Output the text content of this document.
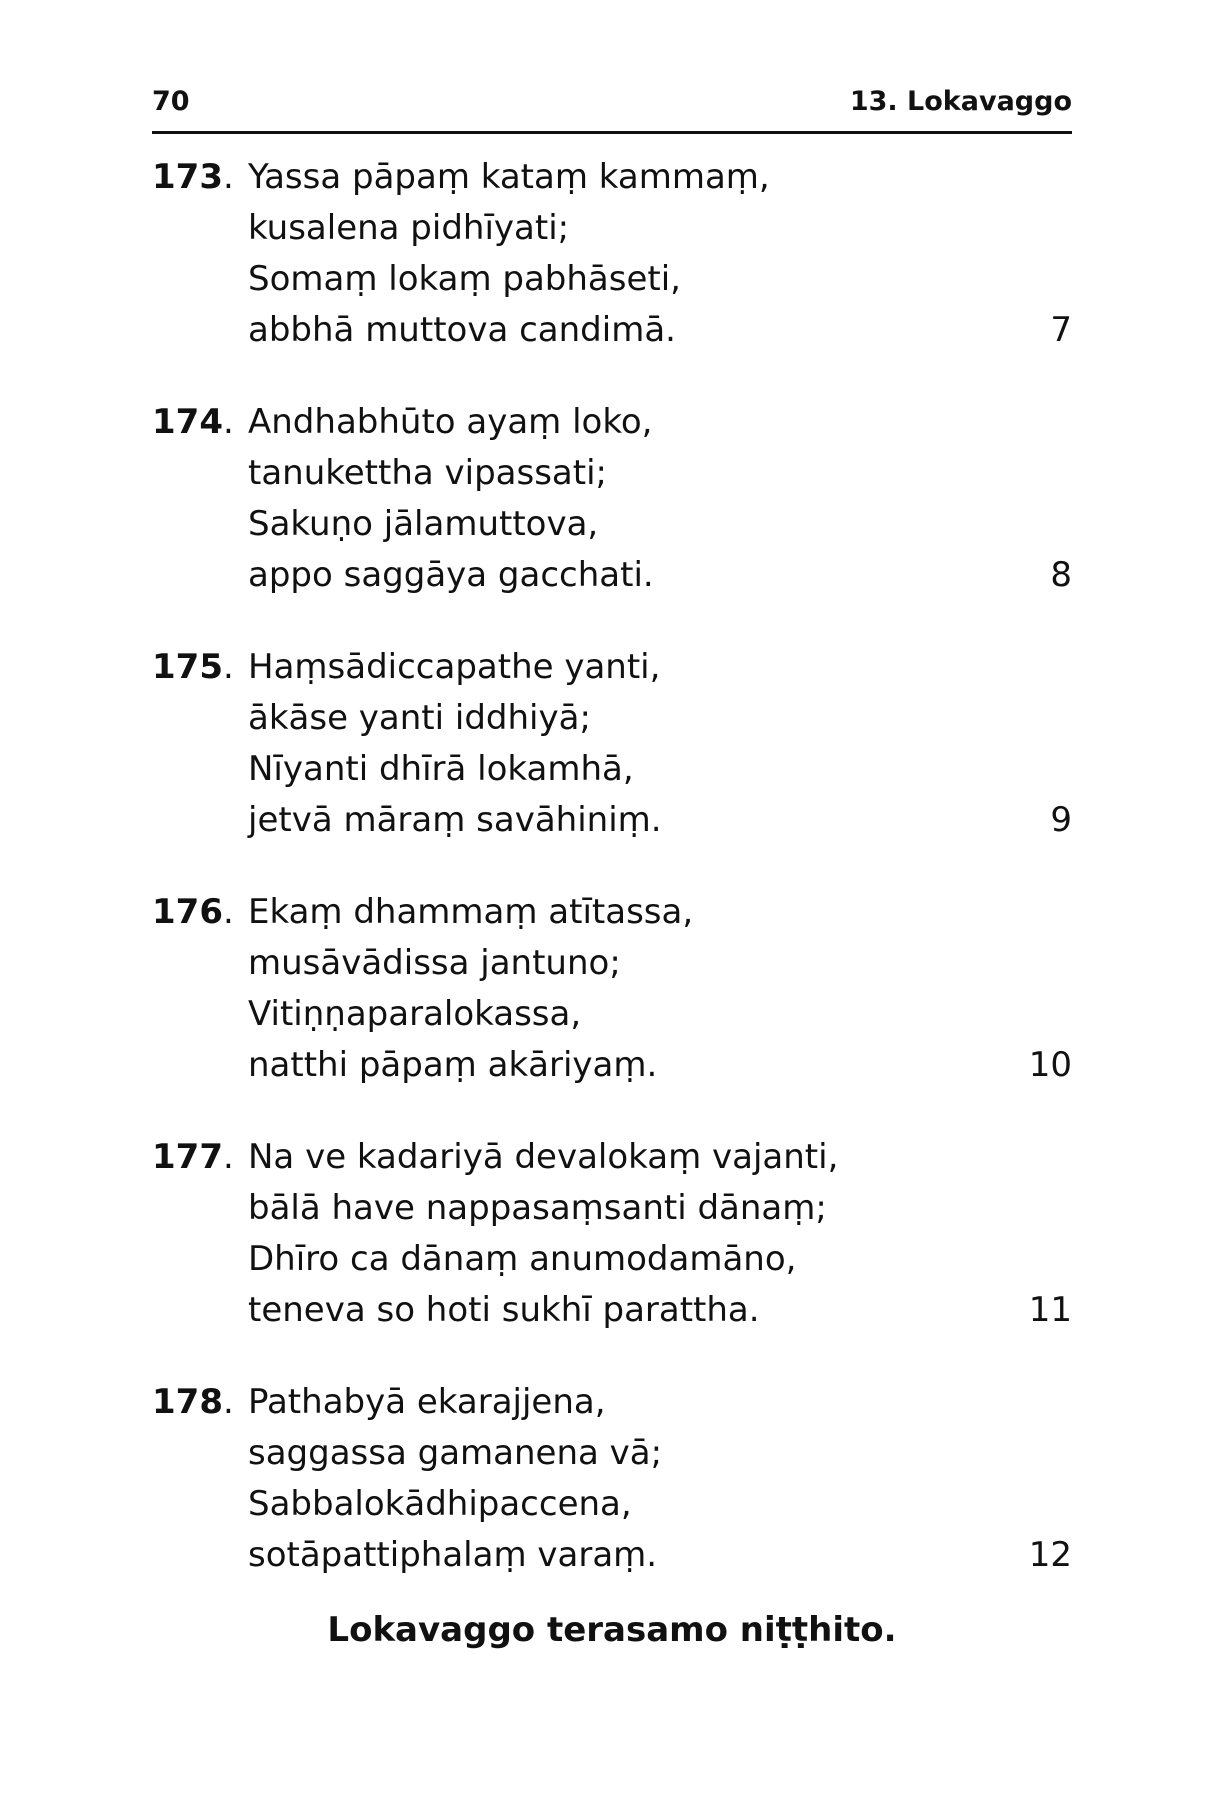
70	13. Lokavaggo
173. Yassa pāpaṃ kataṃ kammaṃ,
kusalena pidhīyati;
Somaṃ lokaṃ pabhāseti,
abbhā muttova candimā.	7
174. Andhabhūto ayaṃ loko,
tanukettha vipassati;
Sakuṇo jālamuttova,
appo saggāya gacchati.	8
175. Haṃsādiccapathe yanti,
ākāse yanti iddhiyā;
Nīyanti dhīrā lokamhā,
jetvā māraṃ savāhiniṃ.	9
176. Ekaṃ dhammaṃ atītassa,
musāvādissa jantuno;
Vitiṇṇaparalokassa,
natthi pāpaṃ akāriyaṃ.	10
177. Na ve kadariyā devalokaṃ vajanti,
bālā have nappasaṃsanti dānaṃ;
Dhīro ca dānaṃ anumodamāno,
teneva so hoti sukhī parattha.	11
178. Pathabyā ekarajjena,
saggassa gamanena vā;
Sabbalokādhipaccena,
sotāpattiphalaṃ varaṃ.	12
Lokavaggo terasamo niṭṭhito.
